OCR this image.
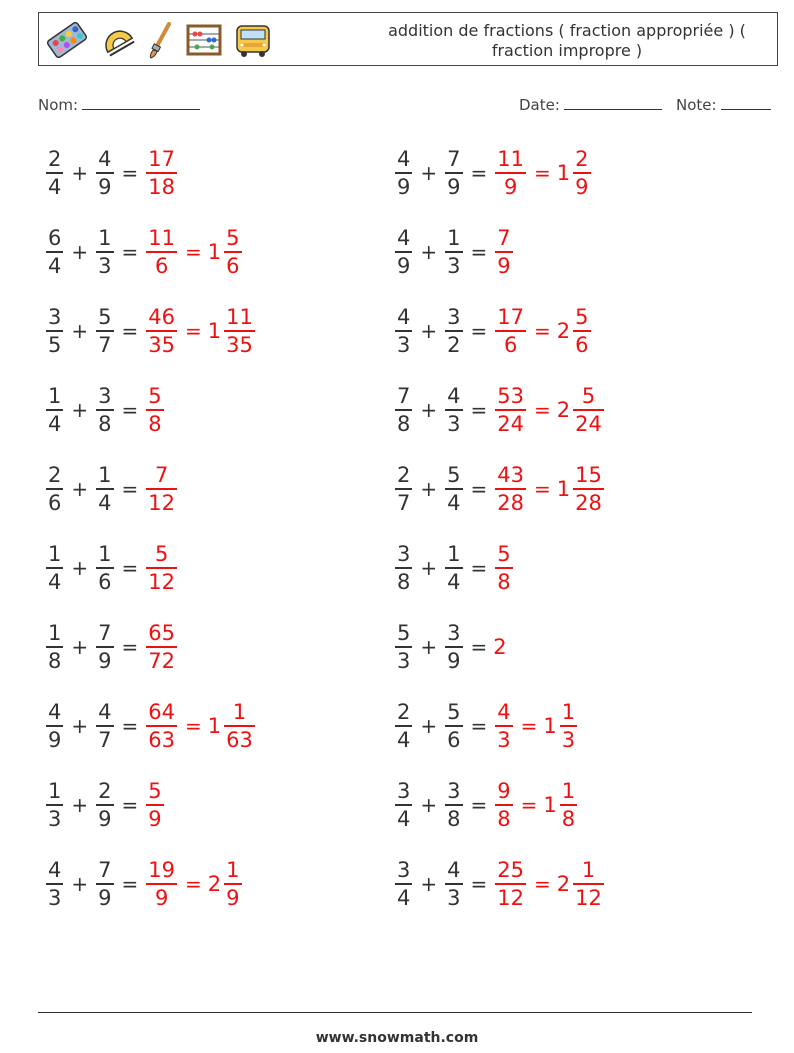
addition de fractions ( fraction appropriée ) ( fraction impropre )
Nom:	Date:	Note:
$\frac{2}{4} + \frac{4}{9} = \frac{17}{18}$	$\frac{4}{9} + \frac{7}{9} = \frac{11}{9} = 1 \frac{2}{9}$
$\frac{6}{4} + \frac{1}{3} = \frac{11}{6} = 1 \frac{5}{6}$	$\frac{4}{9} + \frac{1}{3} = \frac{7}{9}$
$\frac{3}{5} + \frac{5}{7} = \frac{46}{35} = 1 \frac{11}{35}$	$\frac{4}{3} + \frac{3}{2} = \frac{17}{6} = 2 \frac{5}{6}$
$\frac{1}{4} + \frac{3}{8} = \frac{5}{8}$	$\frac{7}{8} + \frac{4}{3} = \frac{53}{24} = 2 \frac{5}{24}$
$\frac{2}{6} + \frac{1}{4} = \frac{7}{12}$	$\frac{2}{7} + \frac{5}{4} = \frac{43}{28} = 1 \frac{15}{28}$
$\frac{1}{4} + \frac{1}{6} = \frac{5}{12}$	$\frac{3}{8} + \frac{1}{4} = \frac{5}{8}$
$\frac{1}{8} + \frac{7}{9} = \frac{65}{72}$	$\frac{5}{3} + \frac{3}{9} = 2$
$\frac{4}{9} + \frac{4}{7} = \frac{64}{63} = 1 \frac{1}{63}$	$\frac{2}{4} + \frac{5}{6} = \frac{4}{3} = 1 \frac{1}{3}$
$\frac{1}{3} + \frac{2}{9} = \frac{5}{9}$	$\frac{3}{4} + \frac{3}{8} = \frac{9}{8} = 1 \frac{1}{8}$
$\frac{4}{3} + \frac{7}{9} = \frac{19}{9} = 2 \frac{1}{9}$	$\frac{3}{4} + \frac{4}{3} = \frac{25}{12} = 2 \frac{1}{12}$
www.snowmath.com
